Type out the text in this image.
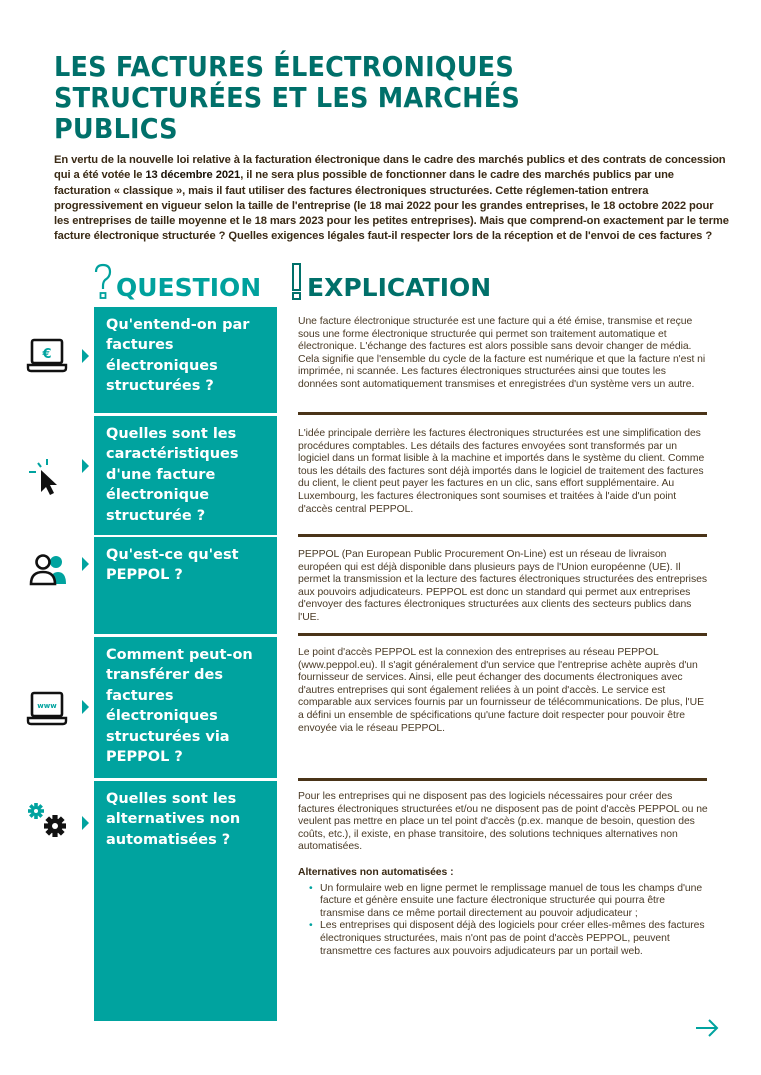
LES FACTURES ÉLECTRONIQUES
STRUCTURÉES ET LES MARCHÉS
PUBLICS

En vertu de la nouvelle loi relative à la facturation électronique dans le cadre des marchés publics et des contrats de concession qui a été votée le 13 décembre 2021, il ne sera plus possible de fonctionner dans le cadre des marchés publics par une facturation « classique », mais il faut utiliser des factures électroniques structurées. Cette réglemen-tation entrera progressivement en vigueur selon la taille de l'entreprise (le 18 mai 2022 pour les grandes entreprises, le 18 octobre 2022 pour les entreprises de taille moyenne et le 18 mars 2023 pour les petites entreprises). Mais que comprend-on exactement par le terme facture électronique structurée ? Quelles exigences légales faut-il respecter lors de la réception et de l'envoi de ces factures ?

QUESTION EXPLICATION
€
Qu'entend-on par factures électroniques structurées ?

Une facture électronique structurée est une facture qui a été émise, transmise et reçue sous une forme électronique structurée qui permet son traitement automatique et électronique. L'échange des factures est alors possible sans devoir changer de média. Cela signifie que l'ensemble du cycle de la facture est numérique et que la facture n'est ni imprimée, ni scannée. Les factures électroniques structurées ainsi que toutes les données sont automatiquement transmises et enregistrées d'un système vers un autre.

Quelles sont les caractéristiques d'une facture électronique structurée ?

L'idée principale derrière les factures électroniques structurées est une simplification des procédures comptables. Les détails des factures envoyées sont transformés par un logiciel dans un format lisible à la machine et importés dans le système du client. Comme tous les détails des factures sont déjà importés dans le logiciel de traitement des factures du client, le client peut payer les factures en un clic, sans effort supplémentaire. Au Luxembourg, les factures électroniques sont soumises et traitées à l'aide d'un point d'accès central PEPPOL.

Qu'est-ce qu'est PEPPOL ?

PEPPOL (Pan European Public Procurement On-Line) est un réseau de livraison européen qui est déjà disponible dans plusieurs pays de l'Union européenne (UE). Il permet la transmission et la lecture des factures électroniques structurées des entreprises aux pouvoirs adjudicateurs. PEPPOL est donc un standard qui permet aux entreprises d'envoyer des factures électroniques structurées aux clients des secteurs publics dans l'UE.

www
Comment peut-on transférer des factures électroniques structurées via PEPPOL ?

Le point d'accès PEPPOL est la connexion des entreprises au réseau PEPPOL (www.peppol.eu). Il s'agit généralement d'un service que l'entreprise achète auprès d'un fournisseur de services. Ainsi, elle peut échanger des documents électroniques avec d'autres entreprises qui sont également reliées à un point d'accès. Le service est comparable aux services fournis par un fournisseur de télécommunications. De plus, l'UE a défini un ensemble de spécifications qu'une facture doit respecter pour pouvoir être envoyée via le réseau PEPPOL.

Quelles sont les alternatives non automatisées ?

Pour les entreprises qui ne disposent pas des logiciels nécessaires pour créer des factures électroniques structurées et/ou ne disposent pas de point d'accès PEPPOL ou ne veulent pas mettre en place un tel point d'accès (p.ex. manque de besoin, question des coûts, etc.), il existe, en phase transitoire, des solutions techniques alternatives non automatisées.

Alternatives non automatisées :

• Un formulaire web en ligne permet le remplissage manuel de tous les champs d'une facture et génère ensuite une facture électronique structurée qui pourra être transmise dans ce même portail directement au pouvoir adjudicateur ;
• Les entreprises qui disposent déjà des logiciels pour créer elles-mêmes des factures électroniques structurées, mais n'ont pas de point d'accès PEPPOL, peuvent transmettre ces factures aux pouvoirs adjudicateurs par un portail web.
